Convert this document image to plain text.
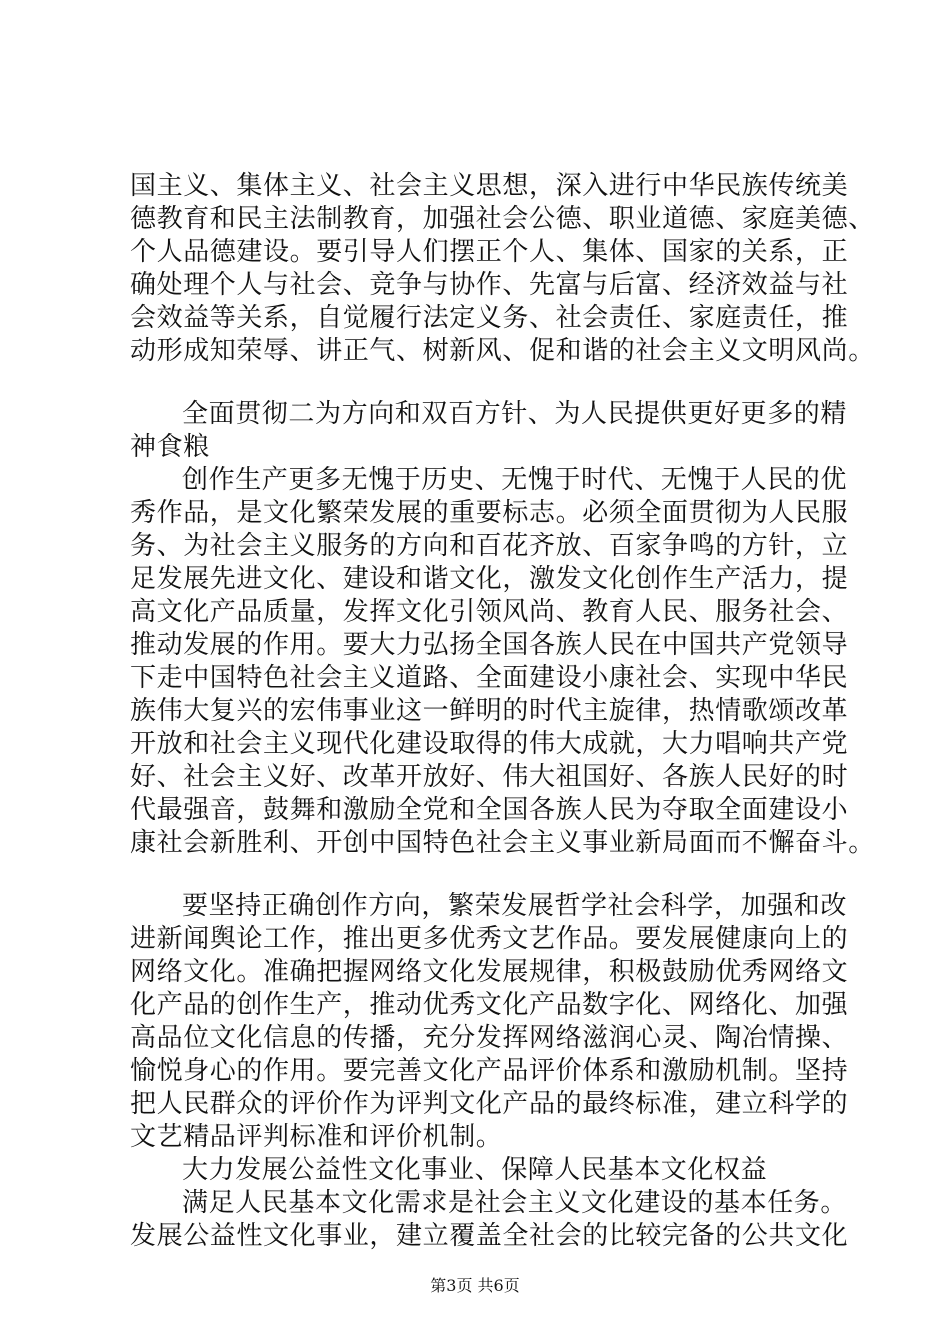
国主义、集体主义、社会主义思想，深入进行中华民族传统美
德教育和民主法制教育，加强社会公德、职业道德、家庭美德、
个人品德建设。要引导人们摆正个人、集体、国家的关系，正
确处理个人与社会、竞争与协作、先富与后富、经济效益与社
会效益等关系，自觉履行法定义务、社会责任、家庭责任，推
动形成知荣辱、讲正气、树新风、促和谐的社会主义文明风尚。
全面贯彻二为方向和双百方针、为人民提供更好更多的精
神食粮
创作生产更多无愧于历史、无愧于时代、无愧于人民的优
秀作品，是文化繁荣发展的重要标志。必须全面贯彻为人民服
务、为社会主义服务的方向和百花齐放、百家争鸣的方针，立
足发展先进文化、建设和谐文化，激发文化创作生产活力，提
高文化产品质量，发挥文化引领风尚、教育人民、服务社会、
推动发展的作用。要大力弘扬全国各族人民在中国共产党领导
下走中国特色社会主义道路、全面建设小康社会、实现中华民
族伟大复兴的宏伟事业这一鲜明的时代主旋律，热情歌颂改革
开放和社会主义现代化建设取得的伟大成就，大力唱响共产党
好、社会主义好、改革开放好、伟大祖国好、各族人民好的时
代最强音，鼓舞和激励全党和全国各族人民为夺取全面建设小
康社会新胜利、开创中国特色社会主义事业新局面而不懈奋斗。
要坚持正确创作方向，繁荣发展哲学社会科学，加强和改
进新闻舆论工作，推出更多优秀文艺作品。要发展健康向上的
网络文化。准确把握网络文化发展规律，积极鼓励优秀网络文
化产品的创作生产，推动优秀文化产品数字化、网络化、加强
高品位文化信息的传播，充分发挥网络滋润心灵、陶冶情操、
愉悦身心的作用。要完善文化产品评价体系和激励机制。坚持
把人民群众的评价作为评判文化产品的最终标准，建立科学的
文艺精品评判标准和评价机制。
大力发展公益性文化事业、保障人民基本文化权益
满足人民基本文化需求是社会主义文化建设的基本任务。
发展公益性文化事业，建立覆盖全社会的比较完备的公共文化
第3页 共6页
